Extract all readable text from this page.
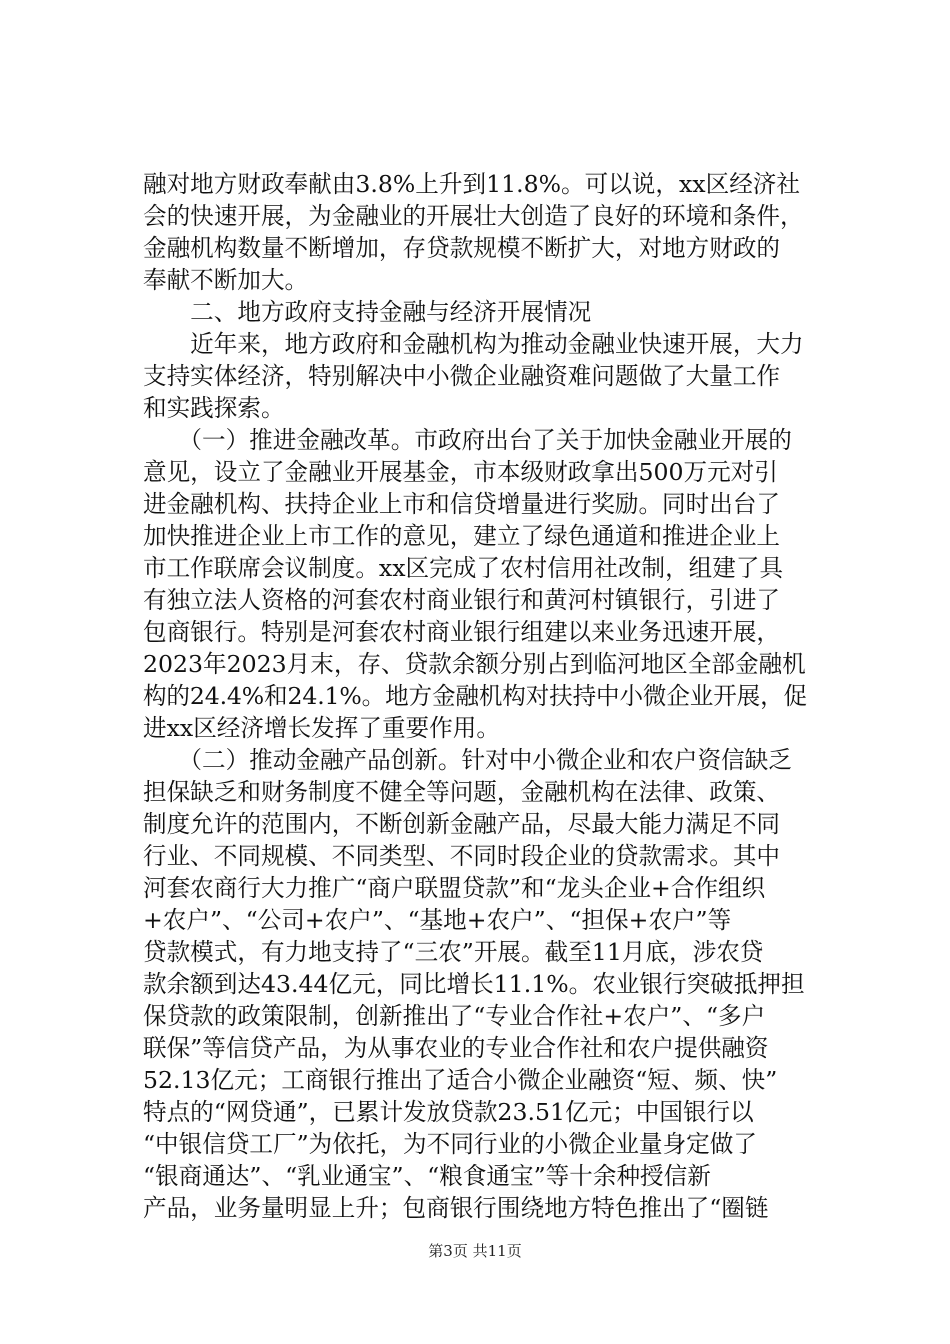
融对地方财政奉献由3.8%上升到11.8%。可以说，xx区经济社
会的快速开展，为金融业的开展壮大创造了良好的环境和条件，
金融机构数量不断增加，存贷款规模不断扩大，对地方财政的
奉献不断加大。
　　二、地方政府支持金融与经济开展情况
　　近年来，地方政府和金融机构为推动金融业快速开展，大力
支持实体经济，特别解决中小微企业融资难问题做了大量工作
和实践探索。
　　（一）推进金融改革。市政府出台了关于加快金融业开展的
意见，设立了金融业开展基金，市本级财政拿出500万元对引
进金融机构、扶持企业上市和信贷增量进行奖励。同时出台了
加快推进企业上市工作的意见，建立了绿色通道和推进企业上
市工作联席会议制度。xx区完成了农村信用社改制，组建了具
有独立法人资格的河套农村商业银行和黄河村镇银行，引进了
包商银行。特别是河套农村商业银行组建以来业务迅速开展，
2023年2023月末，存、贷款余额分别占到临河地区全部金融机
构的24.4%和24.1%。地方金融机构对扶持中小微企业开展，促
进xx区经济增长发挥了重要作用。
　　（二）推动金融产品创新。针对中小微企业和农户资信缺乏
担保缺乏和财务制度不健全等问题，金融机构在法律、政策、
制度允许的范围内，不断创新金融产品，尽最大能力满足不同
行业、不同规模、不同类型、不同时段企业的贷款需求。其中
河套农商行大力推广“商户联盟贷款”和“龙头企业+合作组织
+农户”、“公司+农户”、“基地+农户”、“担保+农户”等
贷款模式，有力地支持了“三农”开展。截至11月底，涉农贷
款余额到达43.44亿元，同比增长11.1%。农业银行突破抵押担
保贷款的政策限制，创新推出了“专业合作社+农户”、“多户
联保”等信贷产品，为从事农业的专业合作社和农户提供融资
52.13亿元；工商银行推出了适合小微企业融资“短、频、快”
特点的“网贷通”，已累计发放贷款23.51亿元；中国银行以
“中银信贷工厂”为依托，为不同行业的小微企业量身定做了
“银商通达”、“乳业通宝”、“粮食通宝”等十余种授信新
产品，业务量明显上升；包商银行围绕地方特色推出了“圈链
第3页 共11页
